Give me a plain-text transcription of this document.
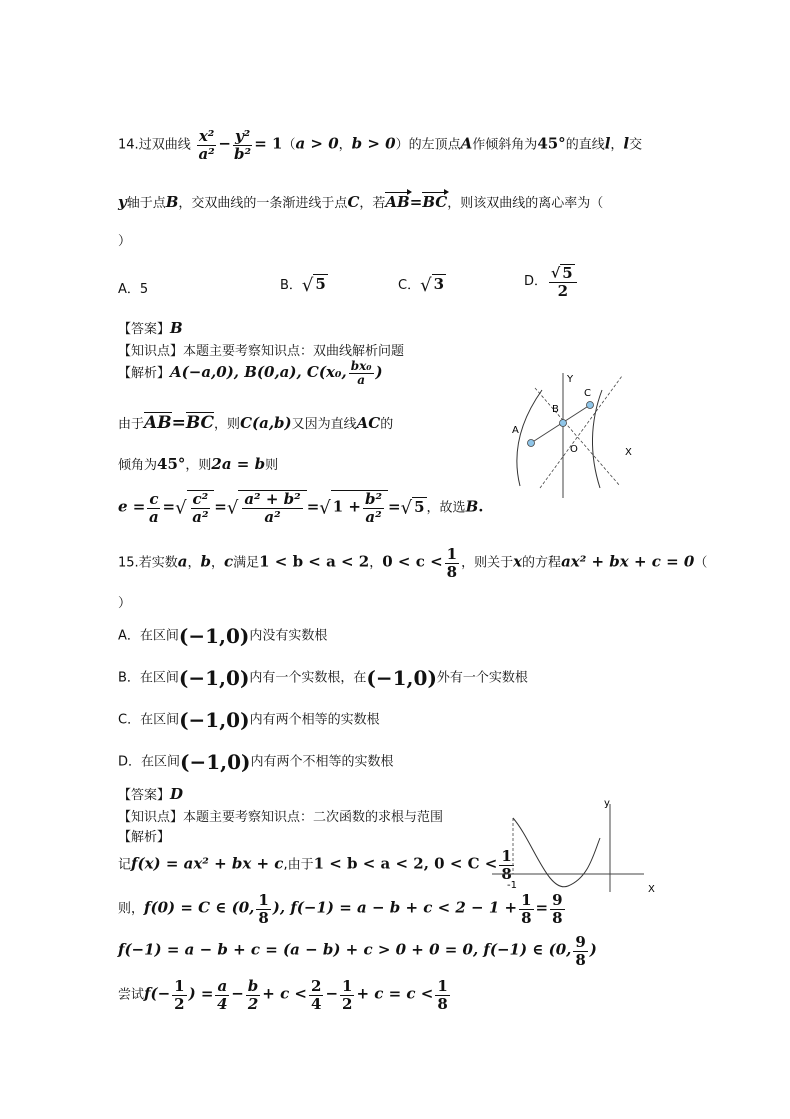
14.过双曲线 $\frac{\text{x²}}{\text{a²}} - \frac{\text{y²}}{\text{b²}} = 1(a > 0$，b > 0）的左顶点A作倾斜角为45°的直线l，l交
y轴于点B，交双曲线的一条渐进线于点C，若AB=BC，则该双曲线的离心率为（
）
A．5	B．√ 5	C．√ 3	D． $\frac{√ 5}{2}$
【答案】B
【知识点】本题主要考察知识点：双曲线解析问题
【解析】A(−a,0), B(0,a), C(x₀, $\frac{\text{bx₀}}{a}$ )
由于AB=BC，则C(a,b)又因为直线AC的
倾角为45°，则2a = b则
$e = \frac{c}{a}$ =√ $\frac{\text{c²}}{\text{a²}}$ =√ $\frac{\text{a² + b²}}{\text{a²}}$ =√ $1 + \frac{\text{b²}}{\text{a²}}$ =√ 5 ，故选B.
Y
C
B
A
O	X
15.若实数a，b，c满足1 < b < a < 2，$0 < c < \frac{1}{8}$ ，则关于x的方程ax² + bx + c = 0（
）
A．在区间(−1,0)内没有实数根
B．在区间(−1,0)内有一个实数根，在(−1,0)外有一个实数根
C．在区间(−1,0)内有两个相等的实数根
D．在区间(−1,0)内有两个不相等的实数根
【答案】D
【知识点】本题主要考察知识点：二次函数的求根与范围
【解析】
记f(x) = ax² + bx + c,由于1 < b < a < 2, $0 < C < \frac{1}{8}$
则，f(0) = C ∈ (0, $\frac{1}{8}$ ), $f(-1) = a - b + c < 2 - 1 + \frac{1}{8} = \frac{9}{8}$
f(−1) = a − b + c = (a − b) + c > 0 + 0 = 0, f(−1) ∈ (0, $\frac{9}{8}$ )
尝试$f(- \frac{1}{2}$ ) = $\frac{a}{4} - \frac{b}{2} + c < \frac{2}{4} - \frac{1}{2} + c = c < \frac{1}{8}$
y
-1	X
